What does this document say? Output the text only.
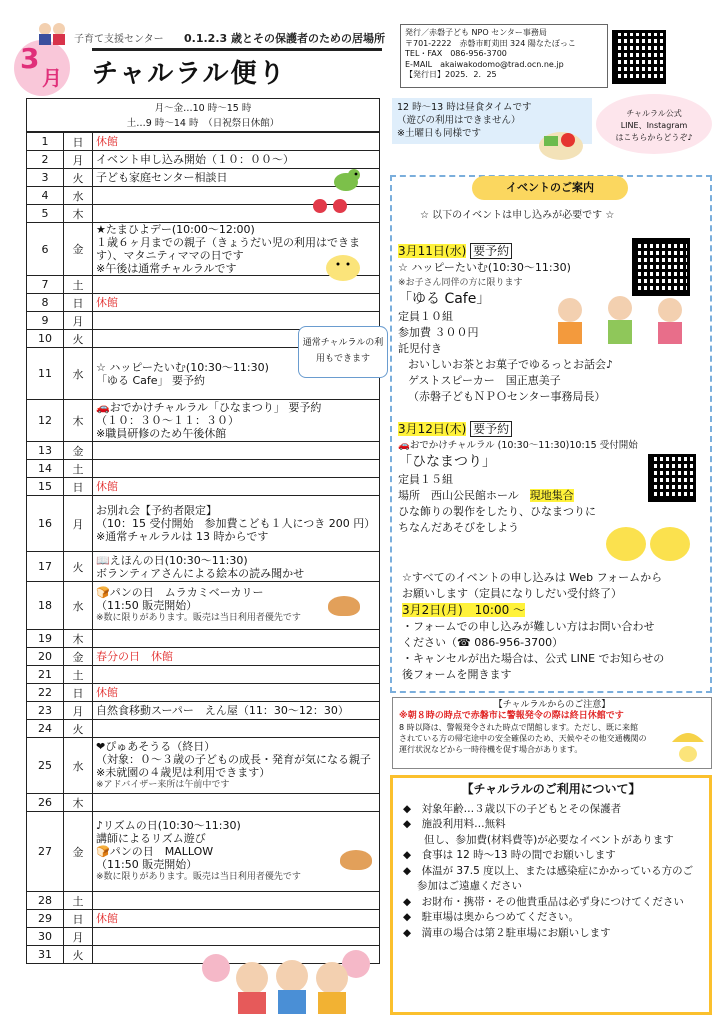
3
月
子育て支援センター 0.1.2.3 歳とその保護者のための居場所
チャルラル便り
発行／赤磐子ども NPO センター事務局
〒701-2222　赤磐市町苅田 324 陽なたぼっこ
TEL・FAX　086-956-3700
E-MAIL　akaiwakodomo@trad.ocn.ne.jp
【発行日】2025．2．25
月～金…10 時～15 時
土…9 時～14 時　（日祝祭日休館）
1	日	休館

2	月	イベント申し込み開始（１０：００～）

3	火	子ども家庭センター相談日

4	水	

5	木	

6	金	★たまひよデー(10:00～12:00)
１歳６ヶ月までの親子（きょうだい児の利用はできます）、マタニティママの日です
※午後は通常チャルラルです

7	土	

8	日	休館

9	月	

10	火	

11	水	☆ ハッピーたいむ(10:30～11:30)
「ゆる Cafe」 要予約

12	木	🚗おでかけチャルラル「ひなまつり」 要予約
（１０：３０～１１：３０）
※職員研修のため午後休館

13	金	

14	土	

15	日	休館

16	月	お別れ会【予約者限定】
（10：15 受付開始　参加費こども１人につき 200 円）
※通常チャルラルは 13 時からです

17	火	📖えほんの日(10:30～11:30)
ボランティアさんによる絵本の読み聞かせ

18	水	🍞パンの日　ムラカミベーカリー
（11:50 販売開始）
※数に限りがあります。販売は当日利用者優先です

19	木	

20	金	春分の日　休館

21	土	

22	日	休館

23	月	自然食移動スーパー　えん屋（11：30～12：30）

24	火	

25	水	❤ぴゅあそうる（終日）
（対象：０～３歳の子どもの成長・発育が気になる親子
※未就園の４歳児は利用できます）
※アドバイザー来所は午前中です

26	木	

27	金	♪リズムの日(10:30～11:30)
講師によるリズム遊び
🍞パンの日　MALLOW
（11:50 販売開始）
※数に限りがあります。販売は当日利用者優先です

28	土	

29	日	休館

30	月	

31	火	
通常チャルラルの利用もできます
12 時～13 時は昼食タイムです
（遊びの利用はできません）
※土曜日も同様です
チャルラル公式
LINE、Instagram
はこちらからどうぞ♪
イベントのご案内
☆ 以下のイベントは申し込みが必要です ☆
3月11日(水) 要予約
☆ ハッピーたいむ(10:30～11:30)
※お子さん同伴の方に限ります
「ゆる Cafe」
定員１０組
参加費 ３００円
託児付き
おいしいお茶とお菓子でゆるっとお話会♪
ゲストスピーカー　国正恵美子
（赤磐子どもＮＰＯセンター事務局長）
3月12日(木) 要予約
🚗おでかけチャルラル (10:30～11:30)10:15 受付開始
「ひなまつり」
定員１５組
場所　西山公民館ホール　 現地集合
ひな飾りの製作をしたり、ひなまつりに
ちなんだあそびをしよう
☆すべてのイベントの申し込みは Web フォームから
お願いします（定員になりしだい受付終了）
3月2日(月)　10:00 ～
・フォームでの申し込みが難しい方はお問い合わせ
ください（☎ 086-956-3700）
・キャンセルが出た場合は、公式 LINE でお知らせの
後フォームを開きます
【チャルラルからのご注意】
※朝８時の時点で赤磐市に警報発令の際は終日休館です
8 時以降は、警報発令された時点で閉館します。ただし、既に来館
されている方の帰宅途中の安全確保のため、天候やその他交通機関の
運行状況などから一時待機を促す場合があります。
【チャルラルのご利用について】
◆　対象年齢…３歳以下の子どもとその保護者
◆　施設利用料…無料
　　但し、参加費(材料費等)が必要なイベントがあります
◆　食事は 12 時～13 時の間でお願いします
◆　体温が 37.5 度以上、または感染症にかかっている方のご参加はご遠慮ください
◆　お財布・携帯・その他貴重品は必ず身につけてください
◆　駐車場は奥からつめてください。
◆　満車の場合は第２駐車場にお願いします
